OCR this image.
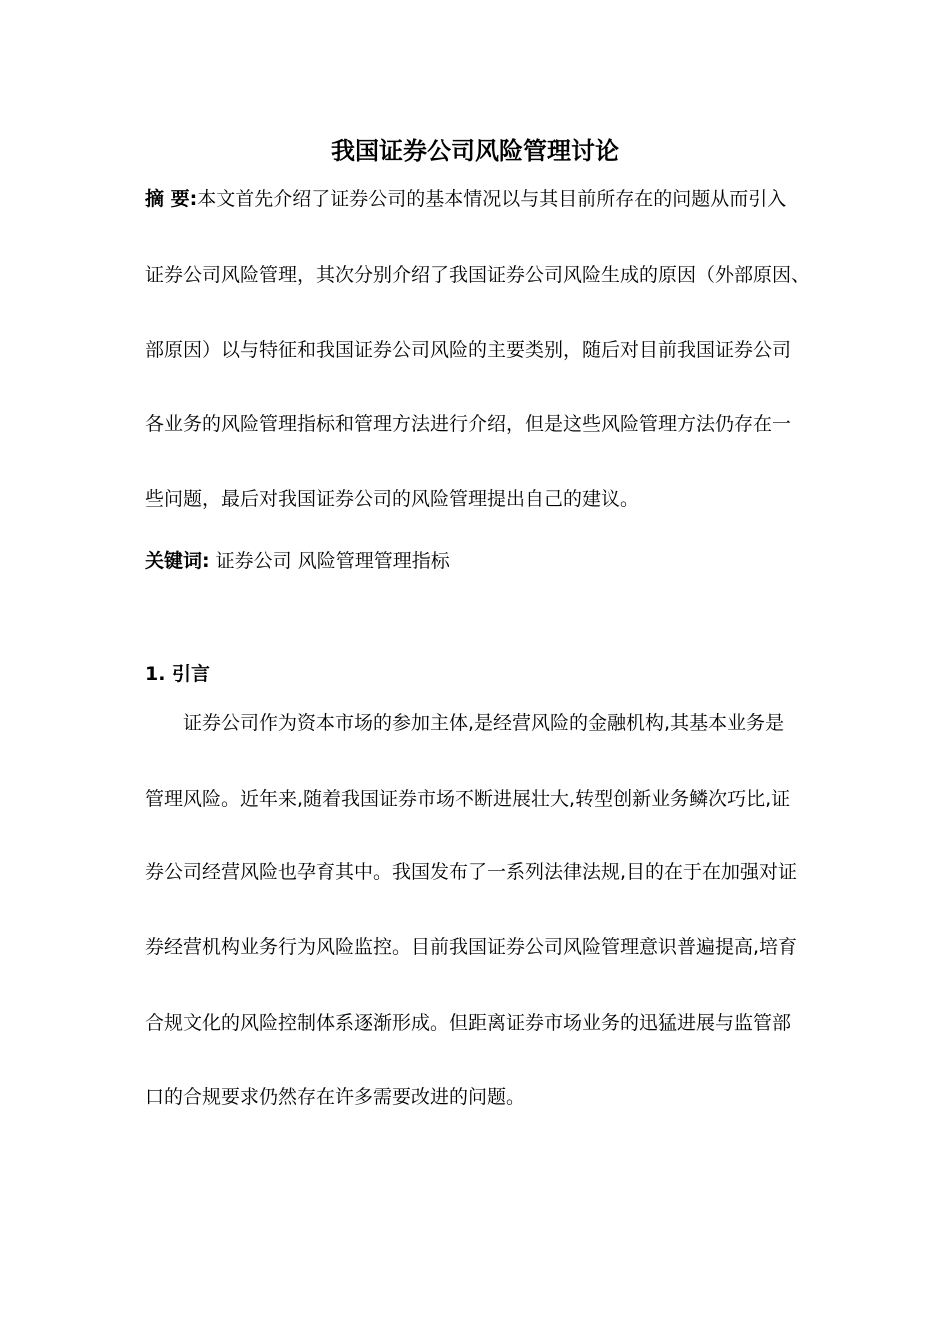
我国证券公司风险管理讨论
摘 要:本文首先介绍了证券公司的基本情况以与其目前所存在的问题从而引入
证券公司风险管理，其次分别介绍了我国证券公司风险生成的原因（外部原因、
部原因）以与特征和我国证券公司风险的主要类别，随后对目前我国证券公司
各业务的风险管理指标和管理方法进行介绍，但是这些风险管理方法仍存在一
些问题，最后对我国证券公司的风险管理提出自己的建议。
关键词: 证券公司 风险管理管理指标
1. 引言
　　证券公司作为资本市场的参加主体,是经营风险的金融机构,其基本业务是
管理风险。近年来,随着我国证券市场不断进展壮大,转型创新业务鳞次巧比,证
券公司经营风险也孕育其中。我国发布了一系列法律法规,目的在于在加强对证
券经营机构业务行为风险监控。目前我国证券公司风险管理意识普遍提高,培育
合规文化的风险控制体系逐渐形成。但距离证券市场业务的迅猛进展与监管部
口的合规要求仍然存在许多需要改进的问题。
